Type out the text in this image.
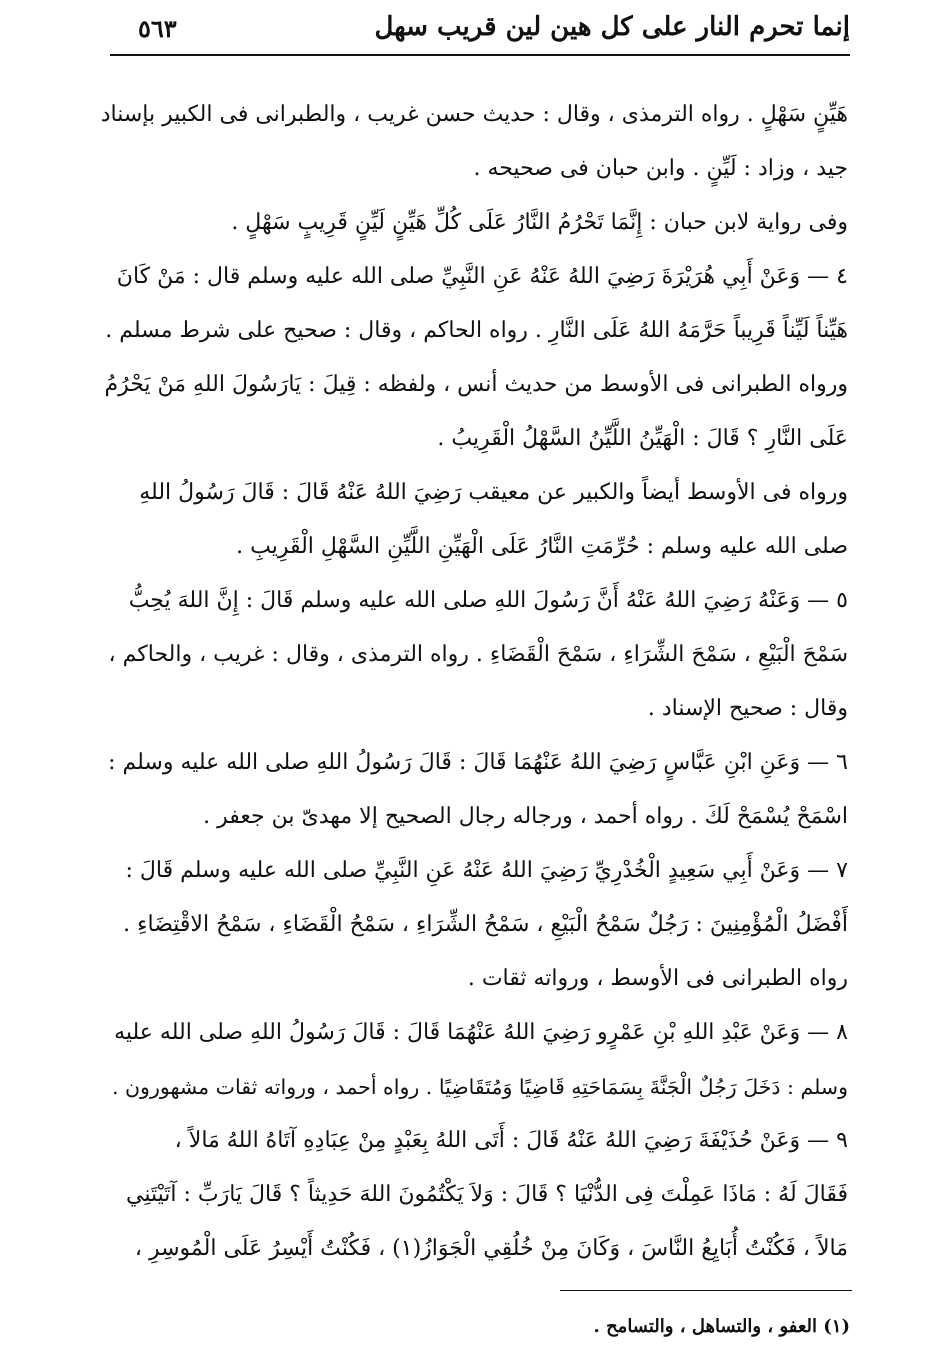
٥٦٣	إنما تحرم النار على كل هين لين قريب سهل
هَيِّنٍ سَهْلٍ . رواه الترمذى ، وقال : حديث حسن غريب ، والطبرانى فى الكبير بإسناد
جيد ، وزاد : لَيِّنٍ . وابن حبان فى صحيحه .
وفى رواية لابن حبان : إِنَّمَا تَحْرُمُ النَّارُ عَلَى كُلِّ هَيِّنٍ لَيِّنٍ قَرِيبٍ سَهْلٍ .
٤ — وَعَنْ أَبِي هُرَيْرَةَ رَضِيَ اللهُ عَنْهُ عَنِ النَّبِيِّ صلى الله عليه وسلم قال : مَنْ كَانَ
هَيِّناً لَيِّناً قَرِيباً حَرَّمَهُ اللهُ عَلَى النَّارِ . رواه الحاكم ، وقال : صحيح على شرط مسلم .
ورواه الطبرانى فى الأوسط من حديث أنس ، ولفظه : قِيلَ : يَارَسُولَ اللهِ مَنْ يَحْرُمُ
عَلَى النَّارِ ؟ قَالَ : الْهَيِّنُ اللَّيِّنُ السَّهْلُ الْقَرِيبُ .
ورواه فى الأوسط أيضاً والكبير عن معيقب رَضِيَ اللهُ عَنْهُ قَالَ : قَالَ رَسُولُ اللهِ
صلى الله عليه وسلم : حُرِّمَتِ النَّارُ عَلَى الْهَيِّنِ اللَّيِّنِ السَّهْلِ الْقَرِيبِ .
٥ — وَعَنْهُ رَضِيَ اللهُ عَنْهُ أَنَّ رَسُولَ اللهِ صلى الله عليه وسلم قَالَ : إِنَّ اللهَ يُحِبُّ
سَمْحَ الْبَيْعِ ، سَمْحَ الشِّرَاءِ ، سَمْحَ الْقَضَاءِ . رواه الترمذى ، وقال : غريب ، والحاكم ،
وقال : صحيح الإسناد .
٦ — وَعَنِ ابْنِ عَبَّاسٍ رَضِيَ اللهُ عَنْهُمَا قَالَ : قَالَ رَسُولُ اللهِ صلى الله عليه وسلم :
اسْمَحْ يُسْمَحْ لَكَ . رواه أحمد ، ورجاله رجال الصحيح إلا مهدىّ بن جعفر .
٧ — وَعَنْ أَبِي سَعِيدٍ الْخُدْرِيِّ رَضِيَ اللهُ عَنْهُ عَنِ النَّبِيِّ صلى الله عليه وسلم قَالَ :
أَفْضَلُ الْمُؤْمِنِينَ : رَجُلٌ سَمْحُ الْبَيْعِ ، سَمْحُ الشِّرَاءِ ، سَمْحُ الْقَضَاءِ ، سَمْحُ الاقْتِضَاءِ .
رواه الطبرانى فى الأوسط ، ورواته ثقات .
٨ — وَعَنْ عَبْدِ اللهِ بْنِ عَمْرٍو رَضِيَ اللهُ عَنْهُمَا قَالَ : قَالَ رَسُولُ اللهِ صلى الله عليه
وسلم : دَخَلَ رَجُلٌ الْجَنَّةَ بِسَمَاحَتِهِ قَاضِيًا وَمُتَقَاضِيًا . رواه أحمد ، ورواته ثقات مشهورون .
٩ — وَعَنْ حُذَيْفَةَ رَضِيَ اللهُ عَنْهُ قَالَ : أَتَى اللهُ بِعَبْدٍ مِنْ عِبَادِهِ آتَاهُ اللهُ مَالاً ،
فَقَالَ لَهُ : مَاذَا عَمِلْتَ فِى الدُّنْيَا ؟ قَالَ : وَلاَ يَكْتُمُونَ اللهَ حَدِيثاً ؟ قَالَ يَارَبِّ : آتَيْتَنِي
مَالاً ، فَكُنْتُ أُبَايِعُ النَّاسَ ، وَكَانَ مِنْ خُلُقِي الْجَوَازُ(١) ، فَكُنْتُ أَيْسِرُ عَلَى الْمُوسِرِ ،
(١) العفو ، والتساهل ، والتسامح .
